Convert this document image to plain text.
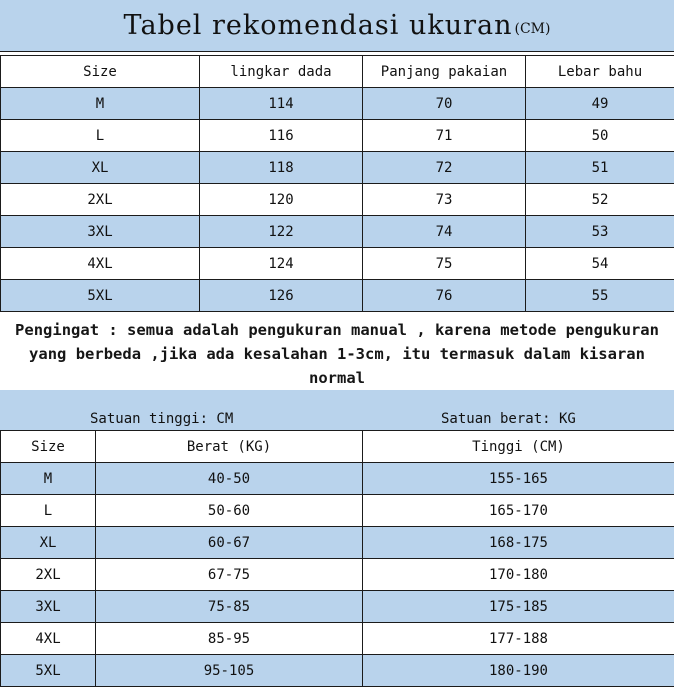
Tabel rekomendasi ukuran (CM)
Size	lingkar dada	Panjang pakaian	Lebar bahu
M	114	70	49
L	116	71	50
XL	118	72	51
2XL	120	73	52
3XL	122	74	53
4XL	124	75	54
5XL	126	76	55

Pengingat : semua adalah pengukuran manual , karena metode pengukuran

yang berbeda ,jika ada kesalahan 1-3cm, itu termasuk dalam kisaran

normal

Satuan tinggi: CM	Satuan berat: KG
Size	Berat (KG)	Tinggi (CM)
M	40-50	155-165
L	50-60	165-170
XL	60-67	168-175
2XL	67-75	170-180
3XL	75-85	175-185
4XL	85-95	177-188
5XL	95-105	180-190
